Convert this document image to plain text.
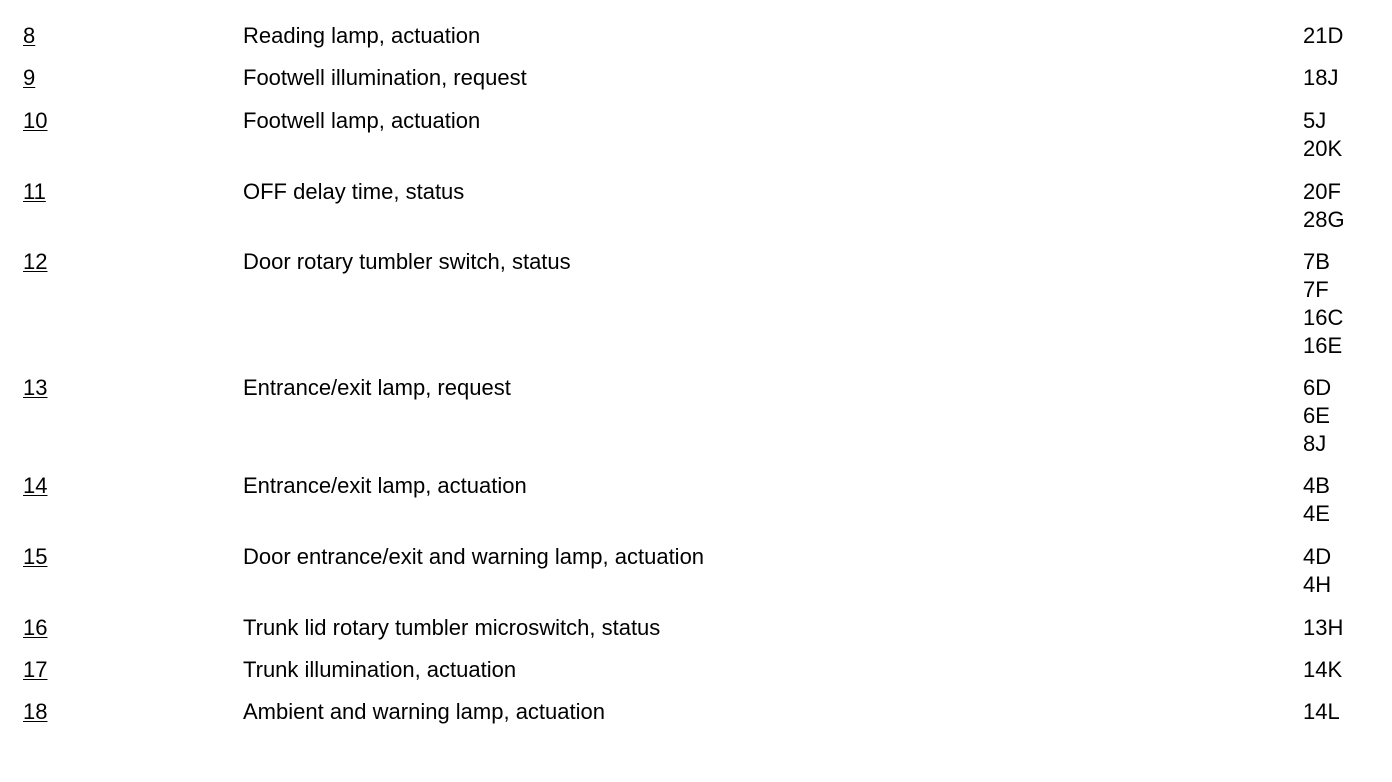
8	Reading lamp, actuation	21D
9	Footwell illumination, request	18J
10	Footwell lamp, actuation	5J
20K
11	OFF delay time, status	20F
28G
12	Door rotary tumbler switch, status	7B
7F
16C
16E
13	Entrance/exit lamp, request	6D
6E
8J
14	Entrance/exit lamp, actuation	4B
4E
15	Door entrance/exit and warning lamp, actuation	4D
4H
16	Trunk lid rotary tumbler microswitch, status	13H
17	Trunk illumination, actuation	14K
18	Ambient and warning lamp, actuation	14L
